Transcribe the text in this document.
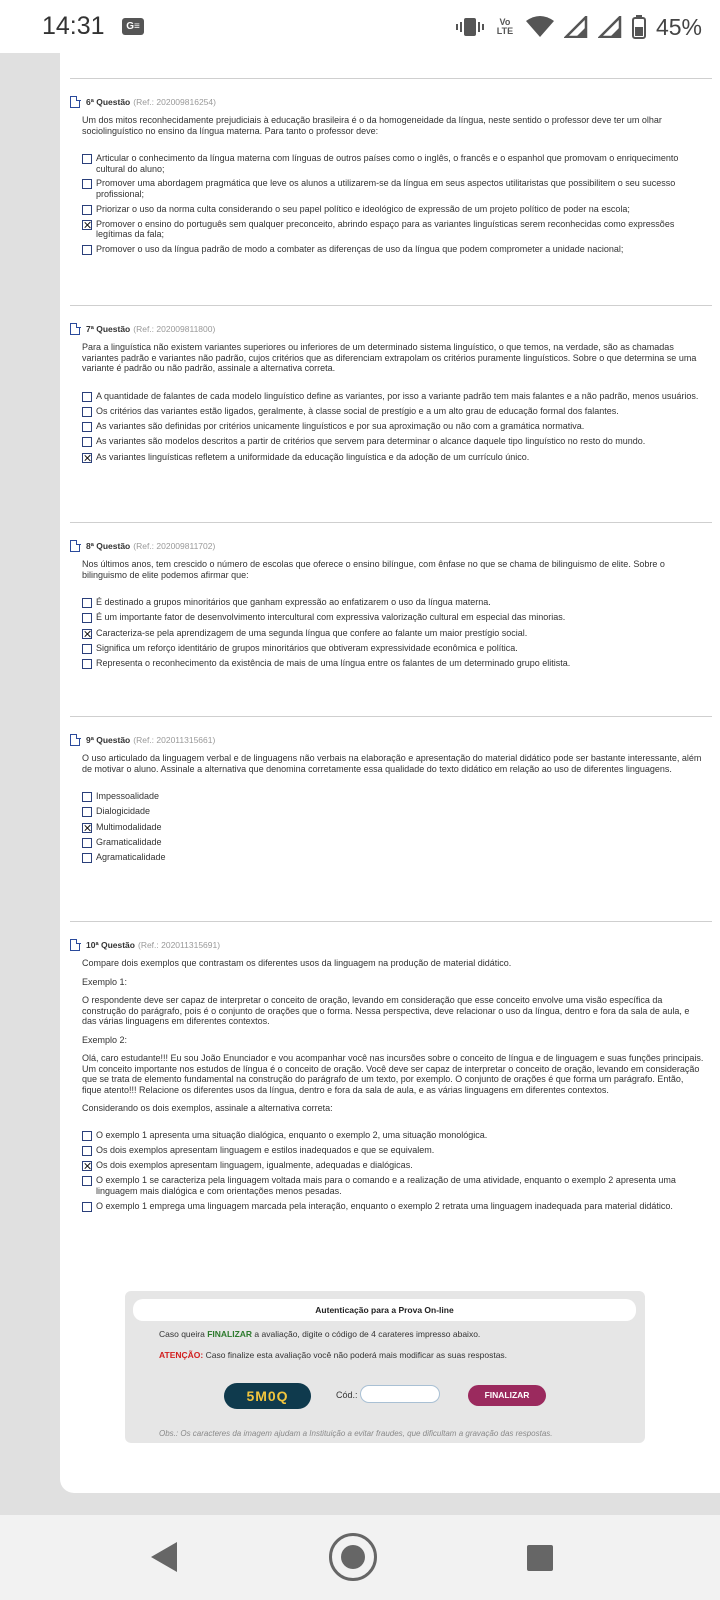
14:31	G≡	Vo
LTE	45%
6ª Questão (Ref.: 202009816254)
Um dos mitos reconhecidamente prejudiciais à educação brasileira é o da homogeneidade da língua, neste sentido o professor deve ter um olhar sociolinguístico no ensino da língua materna. Para tanto o professor deve:
Articular o conhecimento da língua materna com línguas de outros países como o inglês, o francês e o espanhol que promovam o enriquecimento cultural do aluno;
Promover uma abordagem pragmática que leve os alunos a utilizarem-se da língua em seus aspectos utilitaristas que possibilitem o seu sucesso profissional;
Priorizar o uso da norma culta considerando o seu papel político e ideológico de expressão de um projeto político de poder na escola;
Promover o ensino do português sem qualquer preconceito, abrindo espaço para as variantes linguísticas serem reconhecidas como expressões legítimas da fala;
Promover o uso da língua padrão de modo a combater as diferenças de uso da língua que podem comprometer a unidade nacional;
7ª Questão (Ref.: 202009811800)
Para a linguística não existem variantes superiores ou inferiores de um determinado sistema linguístico, o que temos, na verdade, são as chamadas variantes padrão e variantes não padrão, cujos critérios que as diferenciam extrapolam os critérios puramente linguísticos. Sobre o que determina se uma variante é padrão ou não padrão, assinale a alternativa correta.
A quantidade de falantes de cada modelo linguístico define as variantes, por isso a variante padrão tem mais falantes e a não padrão, menos usuários.
Os critérios das variantes estão ligados, geralmente, à classe social de prestígio e a um alto grau de educação formal dos falantes.
As variantes são definidas por critérios unicamente linguísticos e por sua aproximação ou não com a gramática normativa.
As variantes são modelos descritos a partir de critérios que servem para determinar o alcance daquele tipo linguístico no resto do mundo.
As variantes linguísticas refletem a uniformidade da educação linguística e da adoção de um currículo único.
8ª Questão (Ref.: 202009811702)
Nos últimos anos, tem crescido o número de escolas que oferece o ensino bilíngue, com ênfase no que se chama de bilinguismo de elite. Sobre o bilinguismo de elite podemos afirmar que:
É destinado a grupos minoritários que ganham expressão ao enfatizarem o uso da língua materna.
É um importante fator de desenvolvimento intercultural com expressiva valorização cultural em especial das minorias.
Caracteriza-se pela aprendizagem de uma segunda língua que confere ao falante um maior prestígio social.
Significa um reforço identitário de grupos minoritários que obtiveram expressividade econômica e política.
Representa o reconhecimento da existência de mais de uma língua entre os falantes de um determinado grupo elitista.
9ª Questão (Ref.: 202011315661)
O uso articulado da linguagem verbal e de linguagens não verbais na elaboração e apresentação do material didático pode ser bastante interessante, além de motivar o aluno. Assinale a alternativa que denomina corretamente essa qualidade do texto didático em relação ao uso de diferentes linguagens.
Impessoalidade
Dialogicidade
Multimodalidade
Gramaticalidade
Agramaticalidade
10ª Questão (Ref.: 202011315691)
Compare dois exemplos que contrastam os diferentes usos da linguagem na produção de material didático.
Exemplo 1:
O respondente deve ser capaz de interpretar o conceito de oração, levando em consideração que esse conceito envolve uma visão específica da construção do parágrafo, pois é o conjunto de orações que o forma. Nessa perspectiva, deve relacionar o uso da língua, dentro e fora da sala de aula, e das várias linguagens em diferentes contextos.
Exemplo 2:
Olá, caro estudante!!! Eu sou João Enunciador e vou acompanhar você nas incursões sobre o conceito de língua e de linguagem e suas funções principais. Um conceito importante nos estudos de língua é o conceito de oração. Você deve ser capaz de interpretar o conceito de oração, levando em consideração que se trata de elemento fundamental na construção do parágrafo de um texto, por exemplo. O conjunto de orações é que forma um parágrafo. Então, fique atento!!! Relacione os diferentes usos da língua, dentro e fora da sala de aula, e as várias linguagens em diferentes contextos.
Considerando os dois exemplos, assinale a alternativa correta:
O exemplo 1 apresenta uma situação dialógica, enquanto o exemplo 2, uma situação monológica.
Os dois exemplos apresentam linguagem e estilos inadequados e que se equivalem.
Os dois exemplos apresentam linguagem, igualmente, adequadas e dialógicas.
O exemplo 1 se caracteriza pela linguagem voltada mais para o comando e a realização de uma atividade, enquanto o exemplo 2 apresenta uma linguagem mais dialógica e com orientações menos pesadas.
O exemplo 1 emprega uma linguagem marcada pela interação, enquanto o exemplo 2 retrata uma linguagem inadequada para material didático.
Autenticação para a Prova On-line
Caso queira FINALIZAR a avaliação, digite o código de 4 carateres impresso abaixo.
ATENÇÃO: Caso finalize esta avaliação você não poderá mais modificar as suas respostas.
5M0Q	Cód.:	FINALIZAR
Obs.: Os caracteres da imagem ajudam a Instituição a evitar fraudes, que dificultam a gravação das respostas.
